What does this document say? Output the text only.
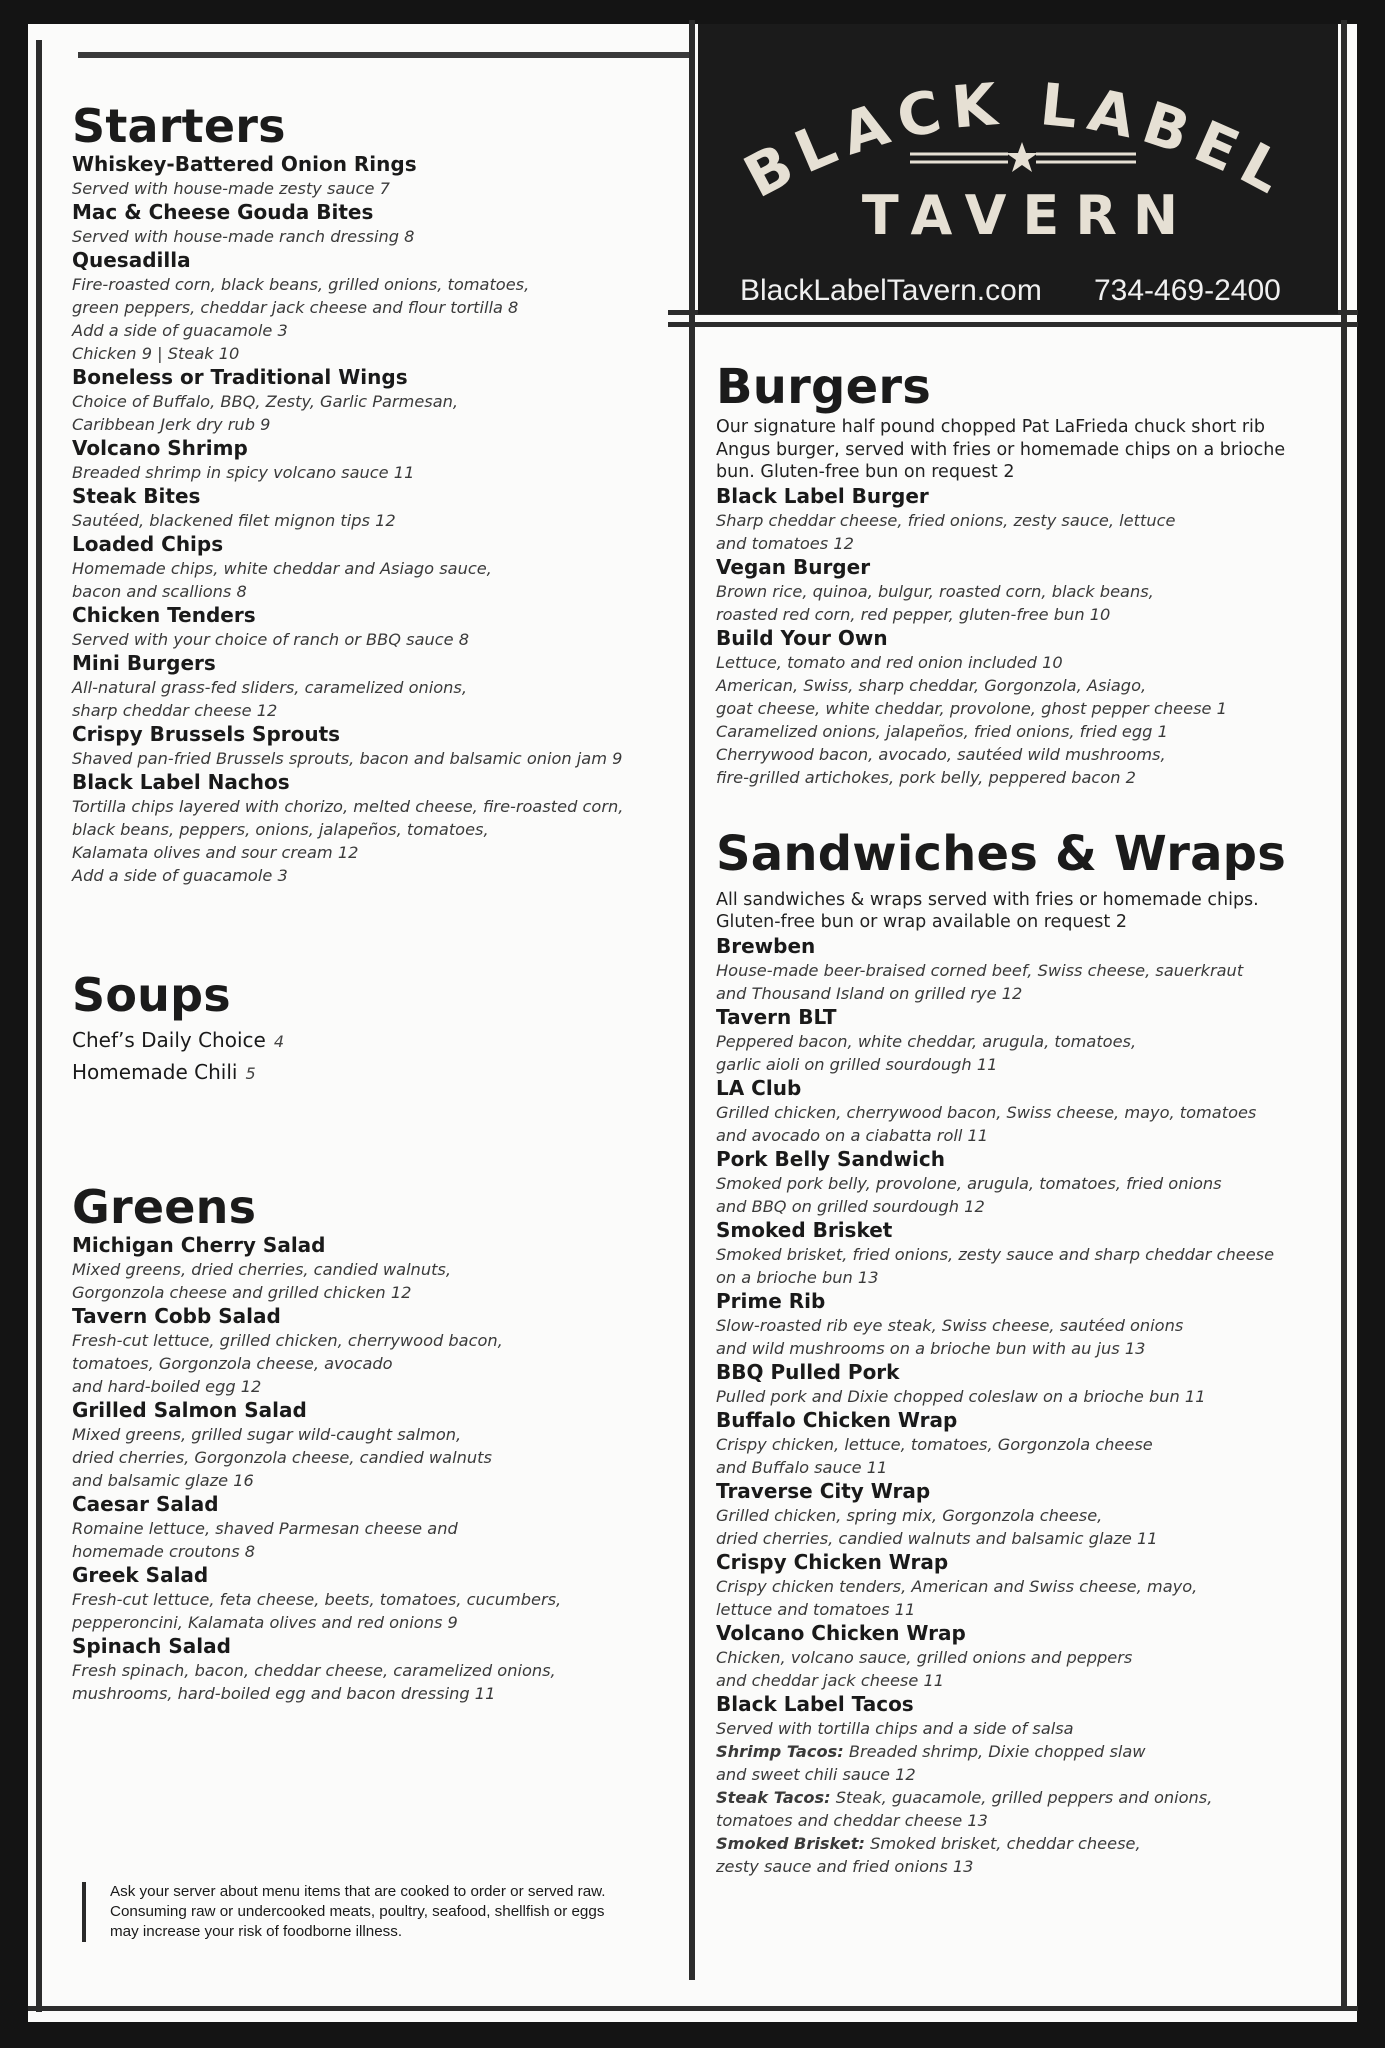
BLACK LABEL
TAVERN
BlackLabelTavern.com 734-469-2400
Starters
Whiskey-Battered Onion Rings
Served with house-made zesty sauce 7
Mac & Cheese Gouda Bites
Served with house-made ranch dressing 8
Quesadilla
Fire-roasted corn, black beans, grilled onions, tomatoes,
green peppers, cheddar jack cheese and flour tortilla 8
Add a side of guacamole 3
Chicken 9 | Steak 10
Boneless or Traditional Wings
Choice of Buffalo, BBQ, Zesty, Garlic Parmesan,
Caribbean Jerk dry rub 9
Volcano Shrimp
Breaded shrimp in spicy volcano sauce 11
Steak Bites
Sautéed, blackened filet mignon tips 12
Loaded Chips
Homemade chips, white cheddar and Asiago sauce,
bacon and scallions 8
Chicken Tenders
Served with your choice of ranch or BBQ sauce 8
Mini Burgers
All-natural grass-fed sliders, caramelized onions,
sharp cheddar cheese 12
Crispy Brussels Sprouts
Shaved pan-fried Brussels sprouts, bacon and balsamic onion jam 9
Black Label Nachos
Tortilla chips layered with chorizo, melted cheese, fire-roasted corn,
black beans, peppers, onions, jalapeños, tomatoes,
Kalamata olives and sour cream 12
Add a side of guacamole 3
Soups
Chef’s Daily Choice 4
Homemade Chili 5
Greens
Michigan Cherry Salad
Mixed greens, dried cherries, candied walnuts,
Gorgonzola cheese and grilled chicken 12
Tavern Cobb Salad
Fresh-cut lettuce, grilled chicken, cherrywood bacon,
tomatoes, Gorgonzola cheese, avocado
and hard-boiled egg 12
Grilled Salmon Salad
Mixed greens, grilled sugar wild-caught salmon,
dried cherries, Gorgonzola cheese, candied walnuts
and balsamic glaze 16
Caesar Salad
Romaine lettuce, shaved Parmesan cheese and
homemade croutons 8
Greek Salad
Fresh-cut lettuce, feta cheese, beets, tomatoes, cucumbers,
pepperoncini, Kalamata olives and red onions 9
Spinach Salad
Fresh spinach, bacon, cheddar cheese, caramelized onions,
mushrooms, hard-boiled egg and bacon dressing 11
Ask your server about menu items that are cooked to order or served raw.
Consuming raw or undercooked meats, poultry, seafood, shellfish or eggs
may increase your risk of foodborne illness.
Burgers

Our signature half pound chopped Pat LaFrieda chuck short rib Angus burger, served with fries or homemade chips on a brioche bun. Gluten-free bun on request 2

Black Label Burger
Sharp cheddar cheese, fried onions, zesty sauce, lettuce
and tomatoes 12
Vegan Burger
Brown rice, quinoa, bulgur, roasted corn, black beans,
roasted red corn, red pepper, gluten-free bun 10
Build Your Own
Lettuce, tomato and red onion included 10
American, Swiss, sharp cheddar, Gorgonzola, Asiago,
goat cheese, white cheddar, provolone, ghost pepper cheese 1
Caramelized onions, jalapeños, fried onions, fried egg 1
Cherrywood bacon, avocado, sautéed wild mushrooms,
fire-grilled artichokes, pork belly, peppered bacon 2
Sandwiches & Wraps

All sandwiches & wraps served with fries or homemade chips.
Gluten-free bun or wrap available on request 2

Brewben
House-made beer-braised corned beef, Swiss cheese, sauerkraut
and Thousand Island on grilled rye 12
Tavern BLT
Peppered bacon, white cheddar, arugula, tomatoes,
garlic aioli on grilled sourdough 11
LA Club
Grilled chicken, cherrywood bacon, Swiss cheese, mayo, tomatoes
and avocado on a ciabatta roll 11
Pork Belly Sandwich
Smoked pork belly, provolone, arugula, tomatoes, fried onions
and BBQ on grilled sourdough 12
Smoked Brisket
Smoked brisket, fried onions, zesty sauce and sharp cheddar cheese
on a brioche bun 13
Prime Rib
Slow-roasted rib eye steak, Swiss cheese, sautéed onions
and wild mushrooms on a brioche bun with au jus 13
BBQ Pulled Pork
Pulled pork and Dixie chopped coleslaw on a brioche bun 11
Buffalo Chicken Wrap
Crispy chicken, lettuce, tomatoes, Gorgonzola cheese
and Buffalo sauce 11
Traverse City Wrap
Grilled chicken, spring mix, Gorgonzola cheese,
dried cherries, candied walnuts and balsamic glaze 11
Crispy Chicken Wrap
Crispy chicken tenders, American and Swiss cheese, mayo,
lettuce and tomatoes 11
Volcano Chicken Wrap
Chicken, volcano sauce, grilled onions and peppers
and cheddar jack cheese 11
Black Label Tacos
Served with tortilla chips and a side of salsa
Shrimp Tacos: Breaded shrimp, Dixie chopped slaw
and sweet chili sauce 12
Steak Tacos: Steak, guacamole, grilled peppers and onions,
tomatoes and cheddar cheese 13
Smoked Brisket: Smoked brisket, cheddar cheese,
zesty sauce and fried onions 13
